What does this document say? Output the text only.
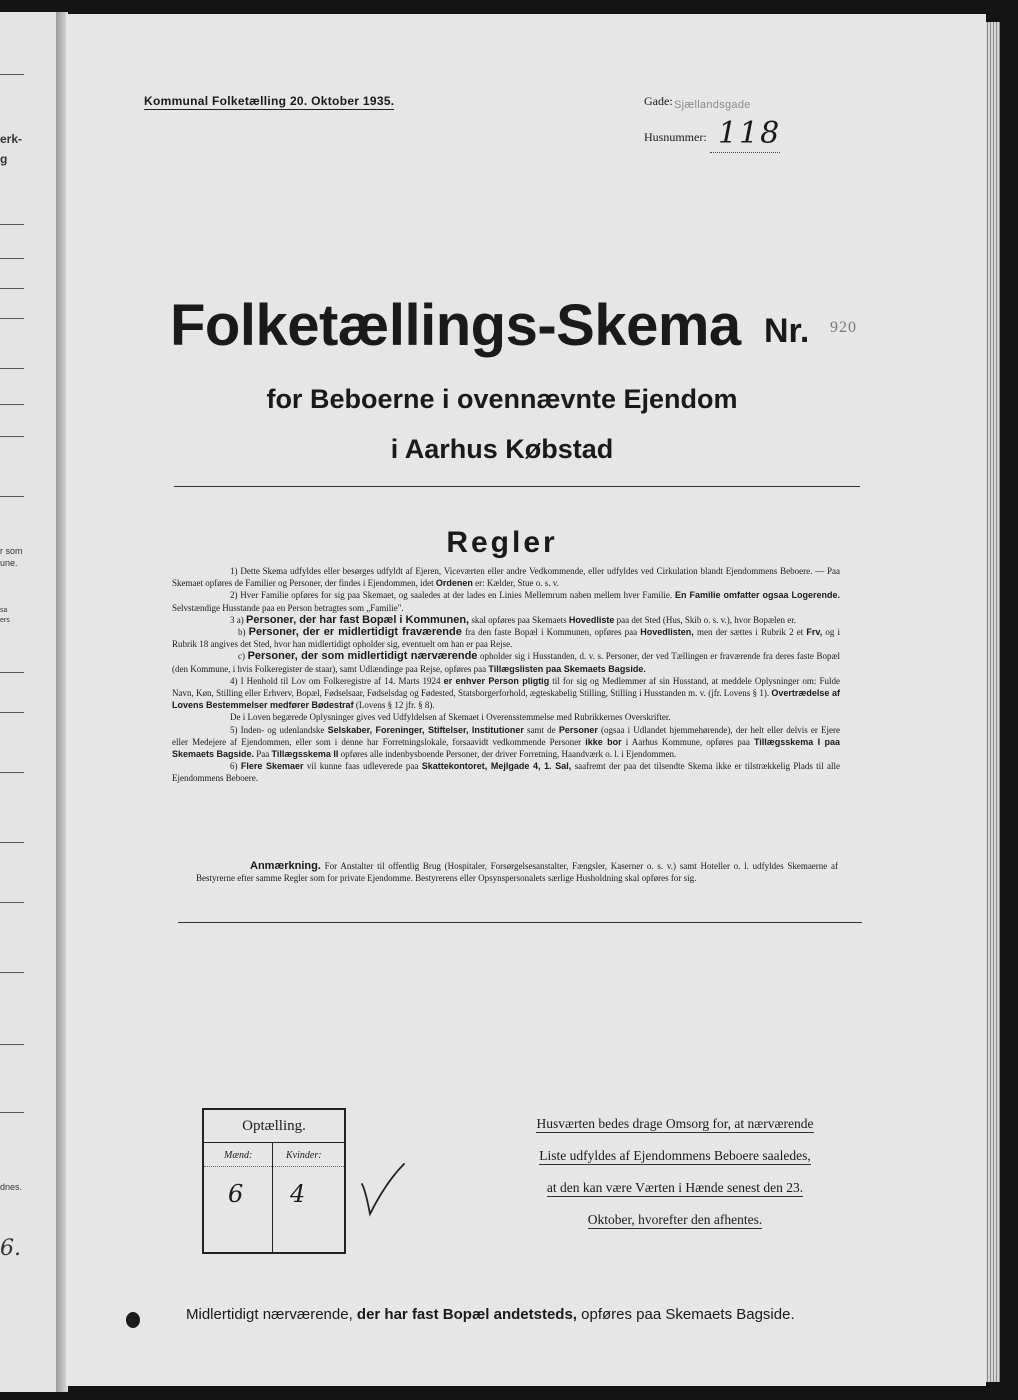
erk-
g
r som
une.
sa
ers
dnes.
6.
Kommunal Folketælling 20. Oktober 1935.	Gade: Sjællandsgade
Husnummer: 118
Folketællings-Skema Nr. 920
for Beboerne i ovennævnte Ejendom
i Aarhus Købstad
Regler

1) Dette Skema udfyldes eller besørges udfyldt af Ejeren, Viceværten eller andre Vedkommende, eller udfyldes ved Cirkulation blandt Ejendommens Beboere. — Paa Skemaet opføres de Familier og Personer, der findes i Ejendommen, idet Ordenen er: Kælder, Stue o. s. v.

2) Hver Familie opføres for sig paa Skemaet, og saaledes at der lades en Linies Mellemrum naben mellem hver Familie. En Familie omfatter ogsaa Logerende. Selvstændige Husstande paa en Person betragtes som „Familie".

3 a) Personer, der har fast Bopæl i Kommunen, skal opføres paa Skemaets Hovedliste paa det Sted (Hus, Skib o. s. v.), hvor Bopælen er.

b) Personer, der er midlertidigt fraværende fra den faste Bopæl i Kommunen, opføres paa Hovedlisten, men der sættes i Rubrik 2 et Frv, og i Rubrik 18 angives det Sted, hvor han midlertidigt opholder sig, eventuelt om han er paa Rejse.

c) Personer, der som midlertidigt nærværende opholder sig i Husstanden, d. v. s. Personer, der ved Tællingen er fraværende fra deres faste Bopæl (den Kommune, i hvis Folkeregister de staar), samt Udlændinge paa Rejse, opføres paa Tillægslisten paa Skemaets Bagside.

4) I Henhold til Lov om Folkeregistre af 14. Marts 1924 er enhver Person pligtig til for sig og Medlemmer af sin Husstand, at meddele Oplysninger om: Fulde Navn, Køn, Stilling eller Erhverv, Bopæl, Fødselsaar, Fødselsdag og Fødested, Statsborgerforhold, ægteskabelig Stilling, Stilling i Husstanden m. v. (jfr. Lovens § 1). Overtrædelse af Lovens Bestemmelser medfører Bødestraf (Lovens § 12 jfr. § 8).

De i Loven begærede Oplysninger gives ved Udfyldelsen af Skemaet i Overensstemmelse med Rubrikkernes Overskrifter.

5) Inden- og udenlandske Selskaber, Foreninger, Stiftelser, Institutioner samt de Personer (ogsaa i Udlandet hjemmehørende), der helt eller delvis er Ejere eller Medejere af Ejendommen, eller som i denne har Forretningslokale, forsaavidt vedkommende Personer ikke bor i Aarhus Kommune, opføres paa Tillægsskema I paa Skemaets Bagside. Paa Tillægsskema II opføres alle indenbysboende Personer, der driver Forretning, Haandværk o. l. i Ejendommen.

6) Flere Skemaer vil kunne faas udleverede paa Skattekontoret, Mejlgade 4, 1. Sal, saafremt der paa det tilsendte Skema ikke er tilstrækkelig Plads til alle Ejendommens Beboere.

Anmærkning. For Anstalter til offentlig Brug (Hospitaler, Forsørgelsesanstalter, Fængsler, Kaserner o. s. v.) samt Hoteller o. l. udfyldes Skemaerne af Bestyrerne efter samme Regler som for private Ejendomme. Bestyrerens eller Opsynspersonalets særlige Husholdning skal opføres for sig.
Optælling.
Mænd:	Kvinder:
6 4
Husværten bedes drage Omsorg for, at nærværende
Liste udfyldes af Ejendommens Beboere saaledes,
at den kan være Værten i Hænde senest den 23.
Oktober, hvorefter den afhentes.
Midlertidigt nærværende, der har fast Bopæl andetsteds, opføres paa Skemaets Bagside.
